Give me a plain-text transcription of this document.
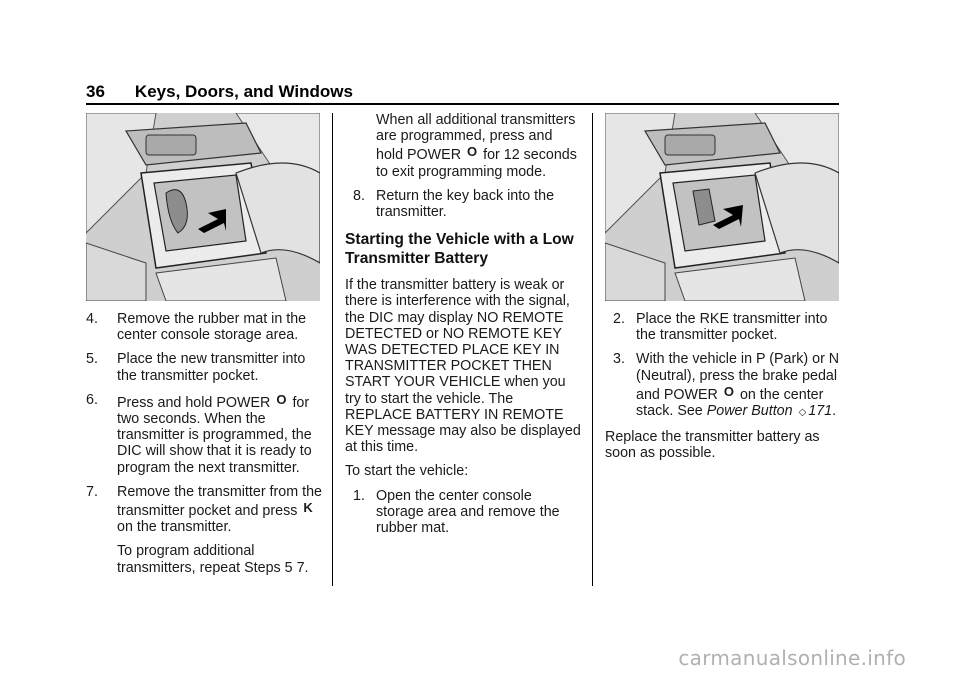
36 Keys, Doors, and Windows
4.	Remove the rubber mat in the center console storage area.
5.	Place the new transmitter into the transmitter pocket.
6.	Press and hold POWER O for two seconds. When the transmitter is programmed, the DIC will show that it is ready to program the next transmitter.
7.	Remove the transmitter from the transmitter pocket and press K on the transmitter.

To program additional transmitters, repeat Steps 5 7.

When all additional transmitters are programmed, press and hold POWER O for 12 seconds to exit programming mode.

8. Return the key back into the transmitter.
Starting the Vehicle with a Low Transmitter Battery

If the transmitter battery is weak or there is interference with the signal, the DIC may display NO REMOTE DETECTED or NO REMOTE KEY WAS DETECTED PLACE KEY IN TRANSMITTER POCKET THEN START YOUR VEHICLE when you try to start the vehicle. The REPLACE BATTERY IN REMOTE KEY message may also be displayed at this time.

To start the vehicle:

1. Open the center console storage area and remove the rubber mat.
2. Place the RKE transmitter into the transmitter pocket.
3. With the vehicle in P (Park) or N (Neutral), press the brake pedal and POWER O on the center stack. See Power Button ◇ 171.

Replace the transmitter battery as soon as possible.

carmanualsonline.info
